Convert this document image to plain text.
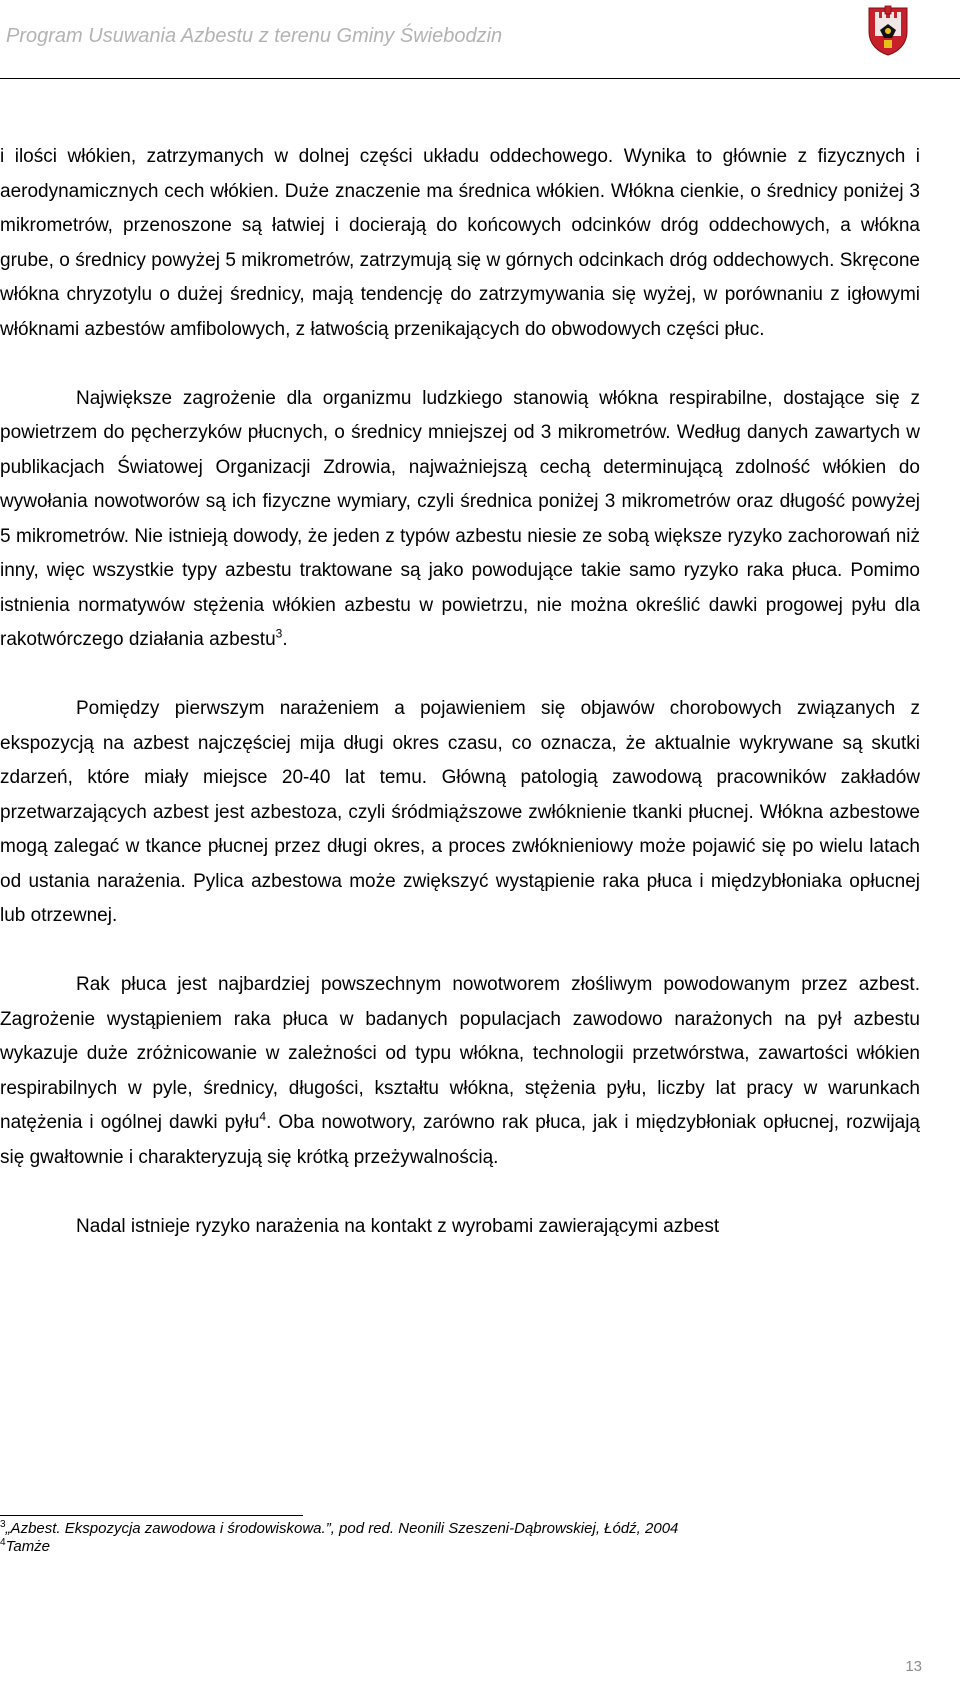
Program Usuwania Azbestu z terenu Gminy Świebodzin

i ilości włókien, zatrzymanych w dolnej części układu oddechowego. Wynika to głównie z fizycznych i aerodynamicznych cech włókien. Duże znaczenie ma średnica włókien. Włókna cienkie, o średnicy poniżej 3 mikrometrów, przenoszone są łatwiej i docierają do końcowych odcinków dróg oddechowych, a włókna grube, o średnicy powyżej 5 mikrometrów, zatrzymują się w górnych odcinkach dróg oddechowych. Skręcone włókna chryzotylu o dużej średnicy, mają tendencję do zatrzymywania się wyżej, w porównaniu z igłowymi włóknami azbestów amfibolowych, z łatwością przenikających do obwodowych części płuc.

Największe zagrożenie dla organizmu ludzkiego stanowią włókna respirabilne, dostające się z powietrzem do pęcherzyków płucnych, o średnicy mniejszej od 3 mikrometrów. Według danych zawartych w publikacjach Światowej Organizacji Zdrowia, najważniejszą cechą determinującą zdolność włókien do wywołania nowotworów są ich fizyczne wymiary, czyli średnica poniżej 3 mikrometrów oraz długość powyżej 5 mikrometrów. Nie istnieją dowody, że jeden z typów azbestu niesie ze sobą większe ryzyko zachorowań niż inny, więc wszystkie typy azbestu traktowane są jako powodujące takie samo ryzyko raka płuca. Pomimo istnienia normatywów stężenia włókien azbestu w powietrzu, nie można określić dawki progowej pyłu dla rakotwórczego działania azbestu$^3$.

Pomiędzy pierwszym narażeniem a pojawieniem się objawów chorobowych związanych z ekspozycją na azbest najczęściej mija długi okres czasu, co oznacza, że aktualnie wykrywane są skutki zdarzeń, które miały miejsce 20-40 lat temu. Główną patologią zawodową pracowników zakładów przetwarzających azbest jest azbestoza, czyli śródmiąższowe zwłóknienie tkanki płucnej. Włókna azbestowe mogą zalegać w tkance płucnej przez długi okres, a proces zwłóknieniowy może pojawić się po wielu latach od ustania narażenia. Pylica azbestowa może zwiększyć wystąpienie raka płuca i międzybłoniaka opłucnej lub otrzewnej.

Rak płuca jest najbardziej powszechnym nowotworem złośliwym powodowanym przez azbest. Zagrożenie wystąpieniem raka płuca w badanych populacjach zawodowo narażonych na pył azbestu wykazuje duże zróżnicowanie w zależności od typu włókna, technologii przetwórstwa, zawartości włókien respirabilnych w pyle, średnicy, długości, kształtu włókna, stężenia pyłu, liczby lat pracy w warunkach natężenia i ogólnej dawki pyłu$^4$. Oba nowotwory, zarówno rak płuca, jak i międzybłoniak opłucnej, rozwijają się gwałtownie i charakteryzują się krótką przeżywalnością.

Nadal istnieje ryzyko narażenia na kontakt z wyrobami zawierającymi azbest

$^3$„Azbest. Ekspozycja zawodowa i środowiskowa.”, pod red. Neonili Szeszeni-Dąbrowskiej, Łódź, 2004
$^4$Tamże
13
